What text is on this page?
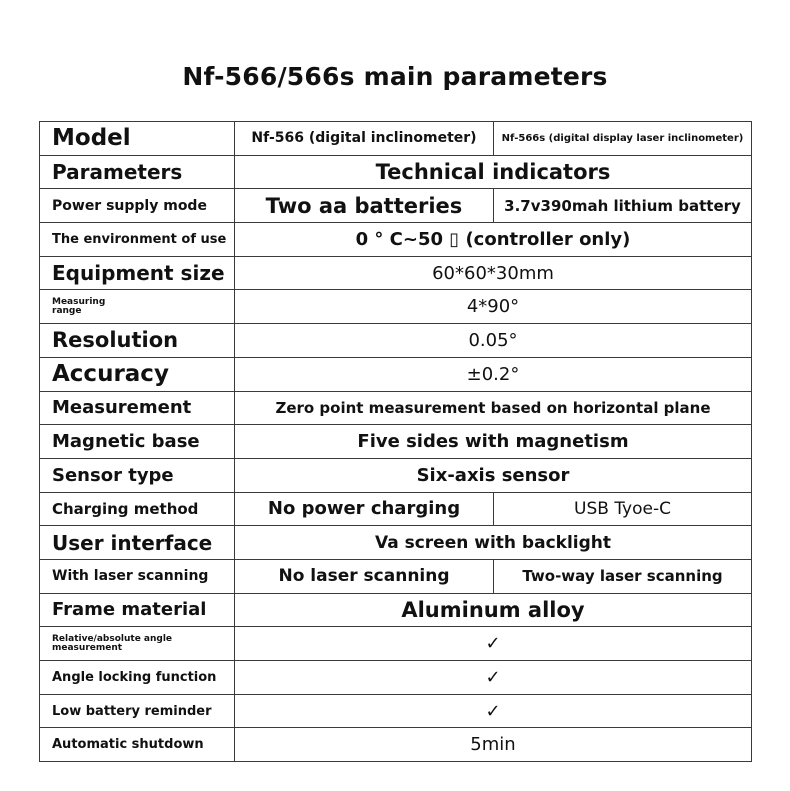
Nf-566/566s main parameters
Model	Nf-566 (digital inclinometer)	Nf-566s (digital display laser inclinometer)
Parameters	Technical indicators	
Power supply mode	Two aa batteries	3.7v390mah lithium battery
The environment of use	0 ° C~50 ▯ (controller only)	
Equipment size	60*60*30mm	

Measuring
range	4*90°	
Resolution	0.05°	
Accuracy	±0.2°	
Measurement	Zero point measurement based on horizontal plane	
Magnetic base	Five sides with magnetism	
Sensor type	Six-axis sensor	
Charging method	No power charging	USB Tyoe-C
User interface	Va screen with backlight	
With laser scanning	No laser scanning	Two-way laser scanning
Frame material	Aluminum alloy	

Relative/absolute angle
measurement	✓	
Angle locking function	✓	
Low battery reminder	✓	
Automatic shutdown	5min	
